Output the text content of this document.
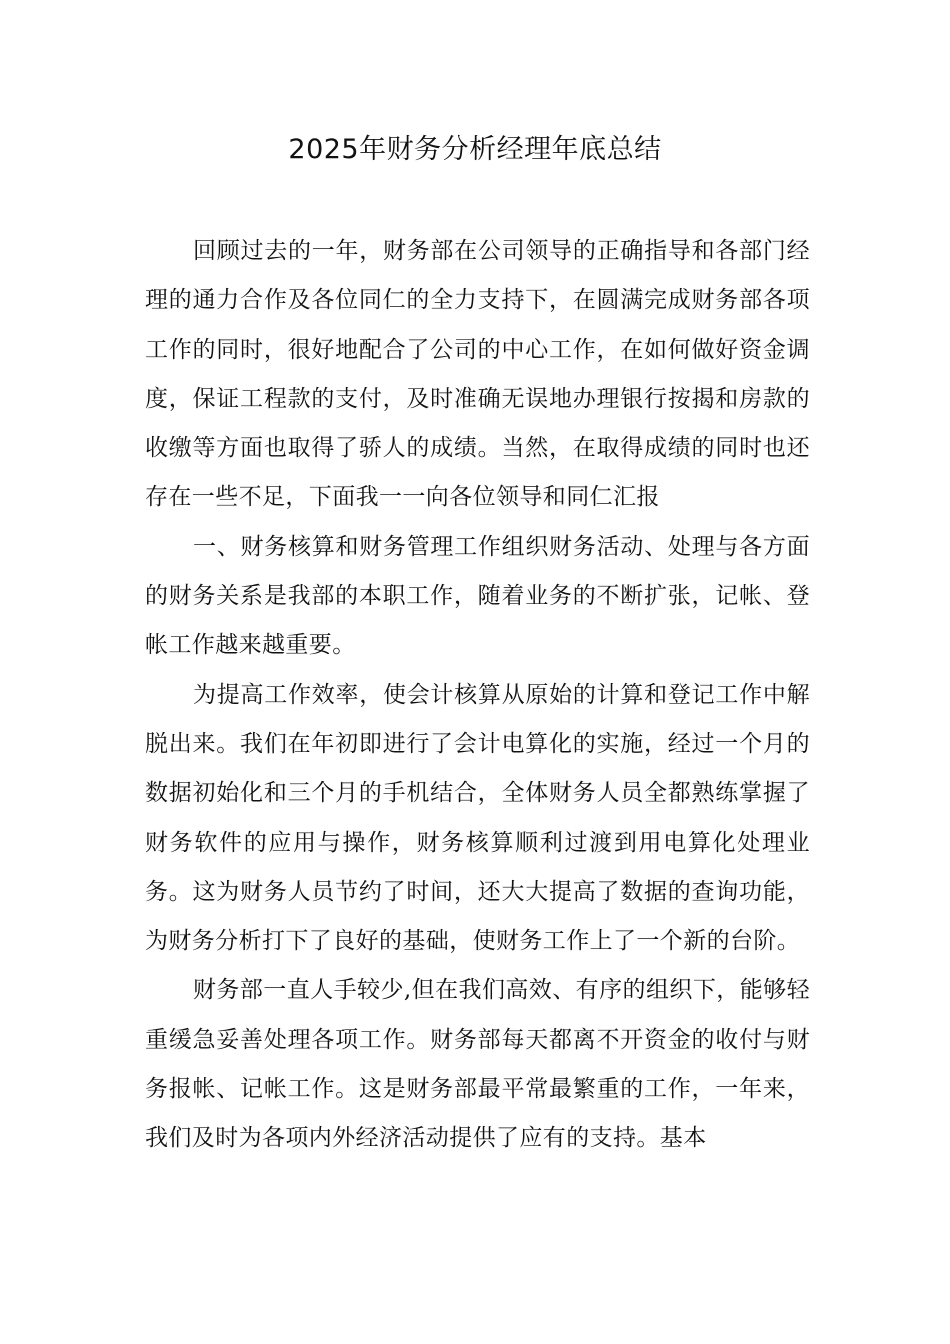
2025年财务分析经理年底总结

回顾过去的一年，财务部在公司领导的正确指导和各部门经理的通力合作及各位同仁的全力支持下，在圆满完成财务部各项工作的同时，很好地配合了公司的中心工作，在如何做好资金调度，保证工程款的支付，及时准确无误地办理银行按揭和房款的收缴等方面也取得了骄人的成绩。当然，在取得成绩的同时也还存在一些不足，下面我一一向各位领导和同仁汇报

一、财务核算和财务管理工作组织财务活动、处理与各方面的财务关系是我部的本职工作，随着业务的不断扩张，记帐、登帐工作越来越重要。

为提高工作效率，使会计核算从原始的计算和登记工作中解脱出来。我们在年初即进行了会计电算化的实施，经过一个月的数据初始化和三个月的手机结合，全体财务人员全都熟练掌握了财务软件的应用与操作，财务核算顺利过渡到用电算化处理业务。这为财务人员节约了时间，还大大提高了数据的查询功能，为财务分析打下了良好的基础，使财务工作上了一个新的台阶。

财务部一直人手较少,但在我们高效、有序的组织下，能够轻重缓急妥善处理各项工作。财务部每天都离不开资金的收付与财务报帐、记帐工作。这是财务部最平常最繁重的工作，一年来，我们及时为各项内外经济活动提供了应有的支持。基本
